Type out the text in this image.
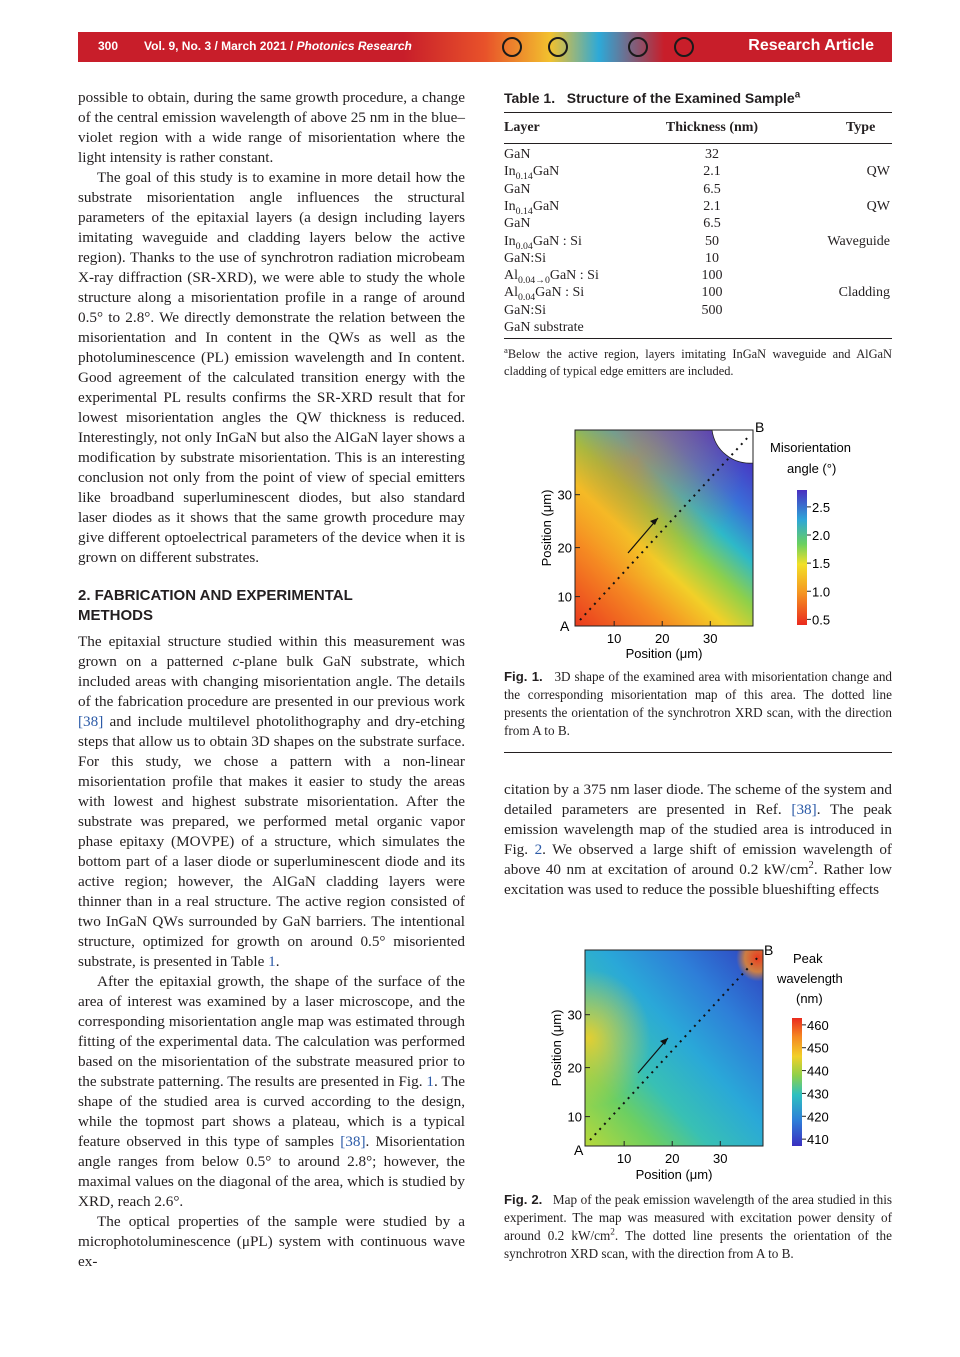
300 Vol. 9, No. 3 / March 2021 / Photonics Research	Research Article

possible to obtain, during the same growth procedure, a change of the central emission wavelength of above 25 nm in the blue–violet region with a wide range of misorientation where the light intensity is rather constant.

The goal of this study is to examine in more detail how the substrate misorientation angle influences the structural parameters of the epitaxial layers (a design including layers imitating waveguide and cladding layers below the active region). Thanks to the use of synchrotron radiation microbeam X-ray diffraction (SR-XRD), we were able to study the whole structure along a misorientation profile in a range of around 0.5° to 2.8°. We directly demonstrate the relation between the misorientation and In content in the QWs as well as the photoluminescence (PL) emission wavelength and In content. Good agreement of the calculated transition energy with the experimental PL results confirms the SR-XRD result that for lowest misorientation angles the QW thickness is reduced. Interestingly, not only InGaN but also the AlGaN layer shows a modification by substrate misorientation. This is an interesting conclusion not only from the point of view of special emitters like broadband superluminescent diodes, but also standard laser diodes as it shows that the same growth procedure may give different optoelectrical parameters of the device when it is grown on different substrates.

2. FABRICATION AND EXPERIMENTAL
METHODS

The epitaxial structure studied within this measurement was grown on a patterned c-plane bulk GaN substrate, which included areas with changing misorientation angle. The details of the fabrication procedure are presented in our previous work [38] and include multilevel photolithography and dry-etching steps that allow us to obtain 3D shapes on the substrate surface. For this study, we chose a pattern with a non-linear misorientation profile that makes it easier to study the areas with lowest and highest substrate misorientation. After the substrate was prepared, we performed metal organic vapor phase epitaxy (MOVPE) of a structure, which simulates the bottom part of a laser diode or superluminescent diode and its active region; however, the AlGaN cladding layers were thinner than in a real structure. The active region consisted of two InGaN QWs surrounded by GaN barriers. The intentional structure, optimized for growth on around 0.5° misoriented substrate, is presented in Table 1.

After the epitaxial growth, the shape of the surface of the area of interest was examined by a laser microscope, and the corresponding misorientation angle map was estimated through fitting of the experimental data. The calculation was performed based on the misorientation of the substrate measured prior to the substrate patterning. The results are presented in Fig. 1. The shape of the studied area is curved according to the design, while the topmost part shows a plateau, which is a typical feature observed in this type of samples [38]. Misorientation angle ranges from below 0.5° to around 2.8°; however, the maximal values on the diagonal of the area, which is studied by XRD, reach 2.6°.

The optical properties of the sample were studied by a microphotoluminescence (μPL) system with continuous wave ex-

Table 1. Structure of the Examined Sample$^a$
Layer	Thickness (nm)	Type
GaN	32
$In_{0.14}GaN$	2.1	QW
GaN	6.5
$In_{0.14}GaN$	2.1	QW
GaN	6.5
$In_{0.04}GaN$ : Si	50	Waveguide
GaN:Si	10
$Al_{0.04\to 0}GaN$ : Si	100
$Al_{0.04}GaN$ : Si	100	Cladding
GaN:Si	500
GaN substrate
$^a$Below the active region, layers imitating InGaN waveguide and AlGaN cladding of typical edge emitters are included.
10	20	30
10
20
30
A
B
Position (μm)
Position (μm)
Misorientation
angle (°)
2.5
2.0
1.5
1.0
0.5
Fig. 1. 3D shape of the examined area with misorientation change and the corresponding misorientation map of this area. The dotted line presents the orientation of the synchrotron XRD scan, with the direction from A to B.

citation by a 375 nm laser diode. The scheme of the system and detailed parameters are presented in Ref. [38]. The peak emission wavelength map of the studied area is introduced in Fig. 2. We observed a large shift of emission wavelength of above 40 nm at excitation of around 0.2 $kW/cm^2$. Rather low excitation was used to reduce the possible blueshifting effects

10	20	30
10
20
30
A
B
Position (μm)
Position (μm)
Peak
wavelength
(nm)
460
450
440
430
420
410
Fig. 2. Map of the peak emission wavelength of the area studied in this experiment. The map was measured with excitation power density of around 0.2 $kW/cm^2$. The dotted line presents the orientation of the synchrotron XRD scan, with the direction from A to B.
